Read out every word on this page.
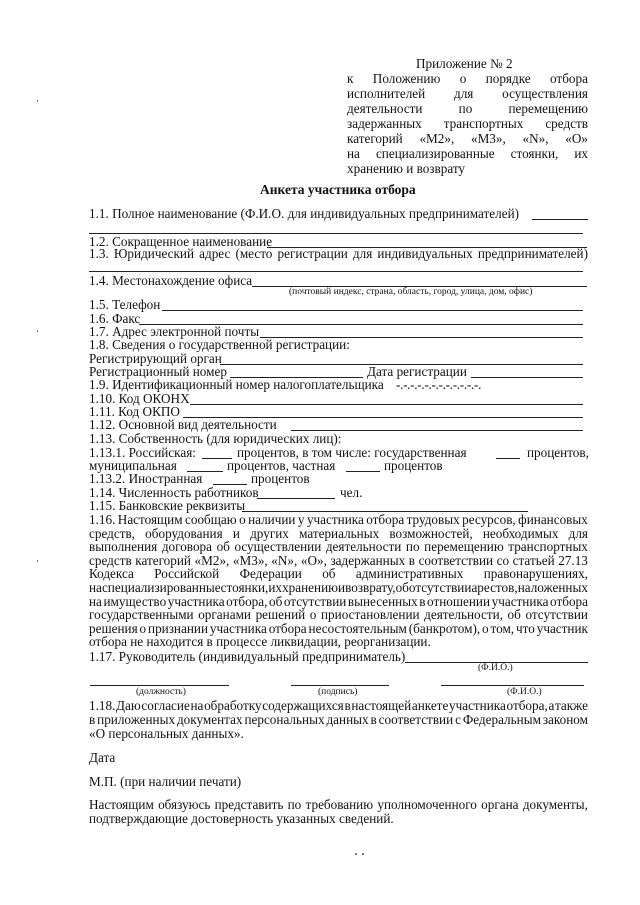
Приложение № 2
к Положению о порядке отбора
исполнителей для осуществления
деятельности	по	перемещению
задержанных транспортных средств
категорий «М2», «М3», «N», «О»
на специализированные стоянки, их
хранению и возврату
Анкета участника отбора
1.1. Полное наименование (Ф.И.О. для индивидуальных предпринимателей)
1.2. Сокращенное наименование
1.3. Юридический адрес (место регистрации для индивидуальных предпринимателей)
1.4. Местонахождение офиса
(почтовый индекс, страна, область, город, улица, дом, офис)
1.5. Телефон
1.6. Факс
1.7. Адрес электронной почты
1.8. Сведения о государственной регистрации:
Регистрирующий орган
Регистрационный номер	Дата регистрации
1.9. Идентификационный номер налогоплательщика -.-.-.-.-.-.-.-.-.-.-.-.
1.10. Код ОКОНХ
1.11. Код ОКПО
1.12. Основной вид деятельности
1.13. Собственность (для юридических лиц):
1.13.1. Российская:	процентов, в том числе: государственная	процентов,
муниципальная	процентов, частная	процентов
1.13.2. Иностранная	процентов
1.14. Численность работников	чел.
1.15. Банковские реквизиты
1.16. Настоящим сообщаю о наличии у участника отбора трудовых ресурсов, финансовых
средств, оборудования и других материальных возможностей, необходимых для
выполнения договора об осуществлении деятельности по перемещению транспортных
средств категорий «М2», «М3», «N», «О», задержанных в соответствии со статьей 27.13
Кодекса Российской Федерации об административных правонарушениях,
на специализированные стоянки, их хранению и возврату, об отсутствии арестов, наложенных
на имущество участника отбора, об отсутствии вынесенных в отношении участника отбора
государственными органами решений о приостановлении деятельности, об отсутствии
решения о признании участника отбора несостоятельным (банкротом), о том, что участник
отбора не находится в процессе ликвидации, реорганизации.
1.17. Руководитель (индивидуальный предприниматель)
(Ф.И.О.)
(должность)	(подпись)	(Ф.И.О.)
1.18. Даю согласие на обработку содержащихся в настоящей анкете участника отбора, а также
в приложенных документах персональных данных в соответствии с Федеральным законом
«О персональных данных».
Дата
М.П. (при наличии печати)
Настоящим обязуюсь представить по требованию уполномоченного органа документы,
подтверждающие достоверность указанных сведений.
